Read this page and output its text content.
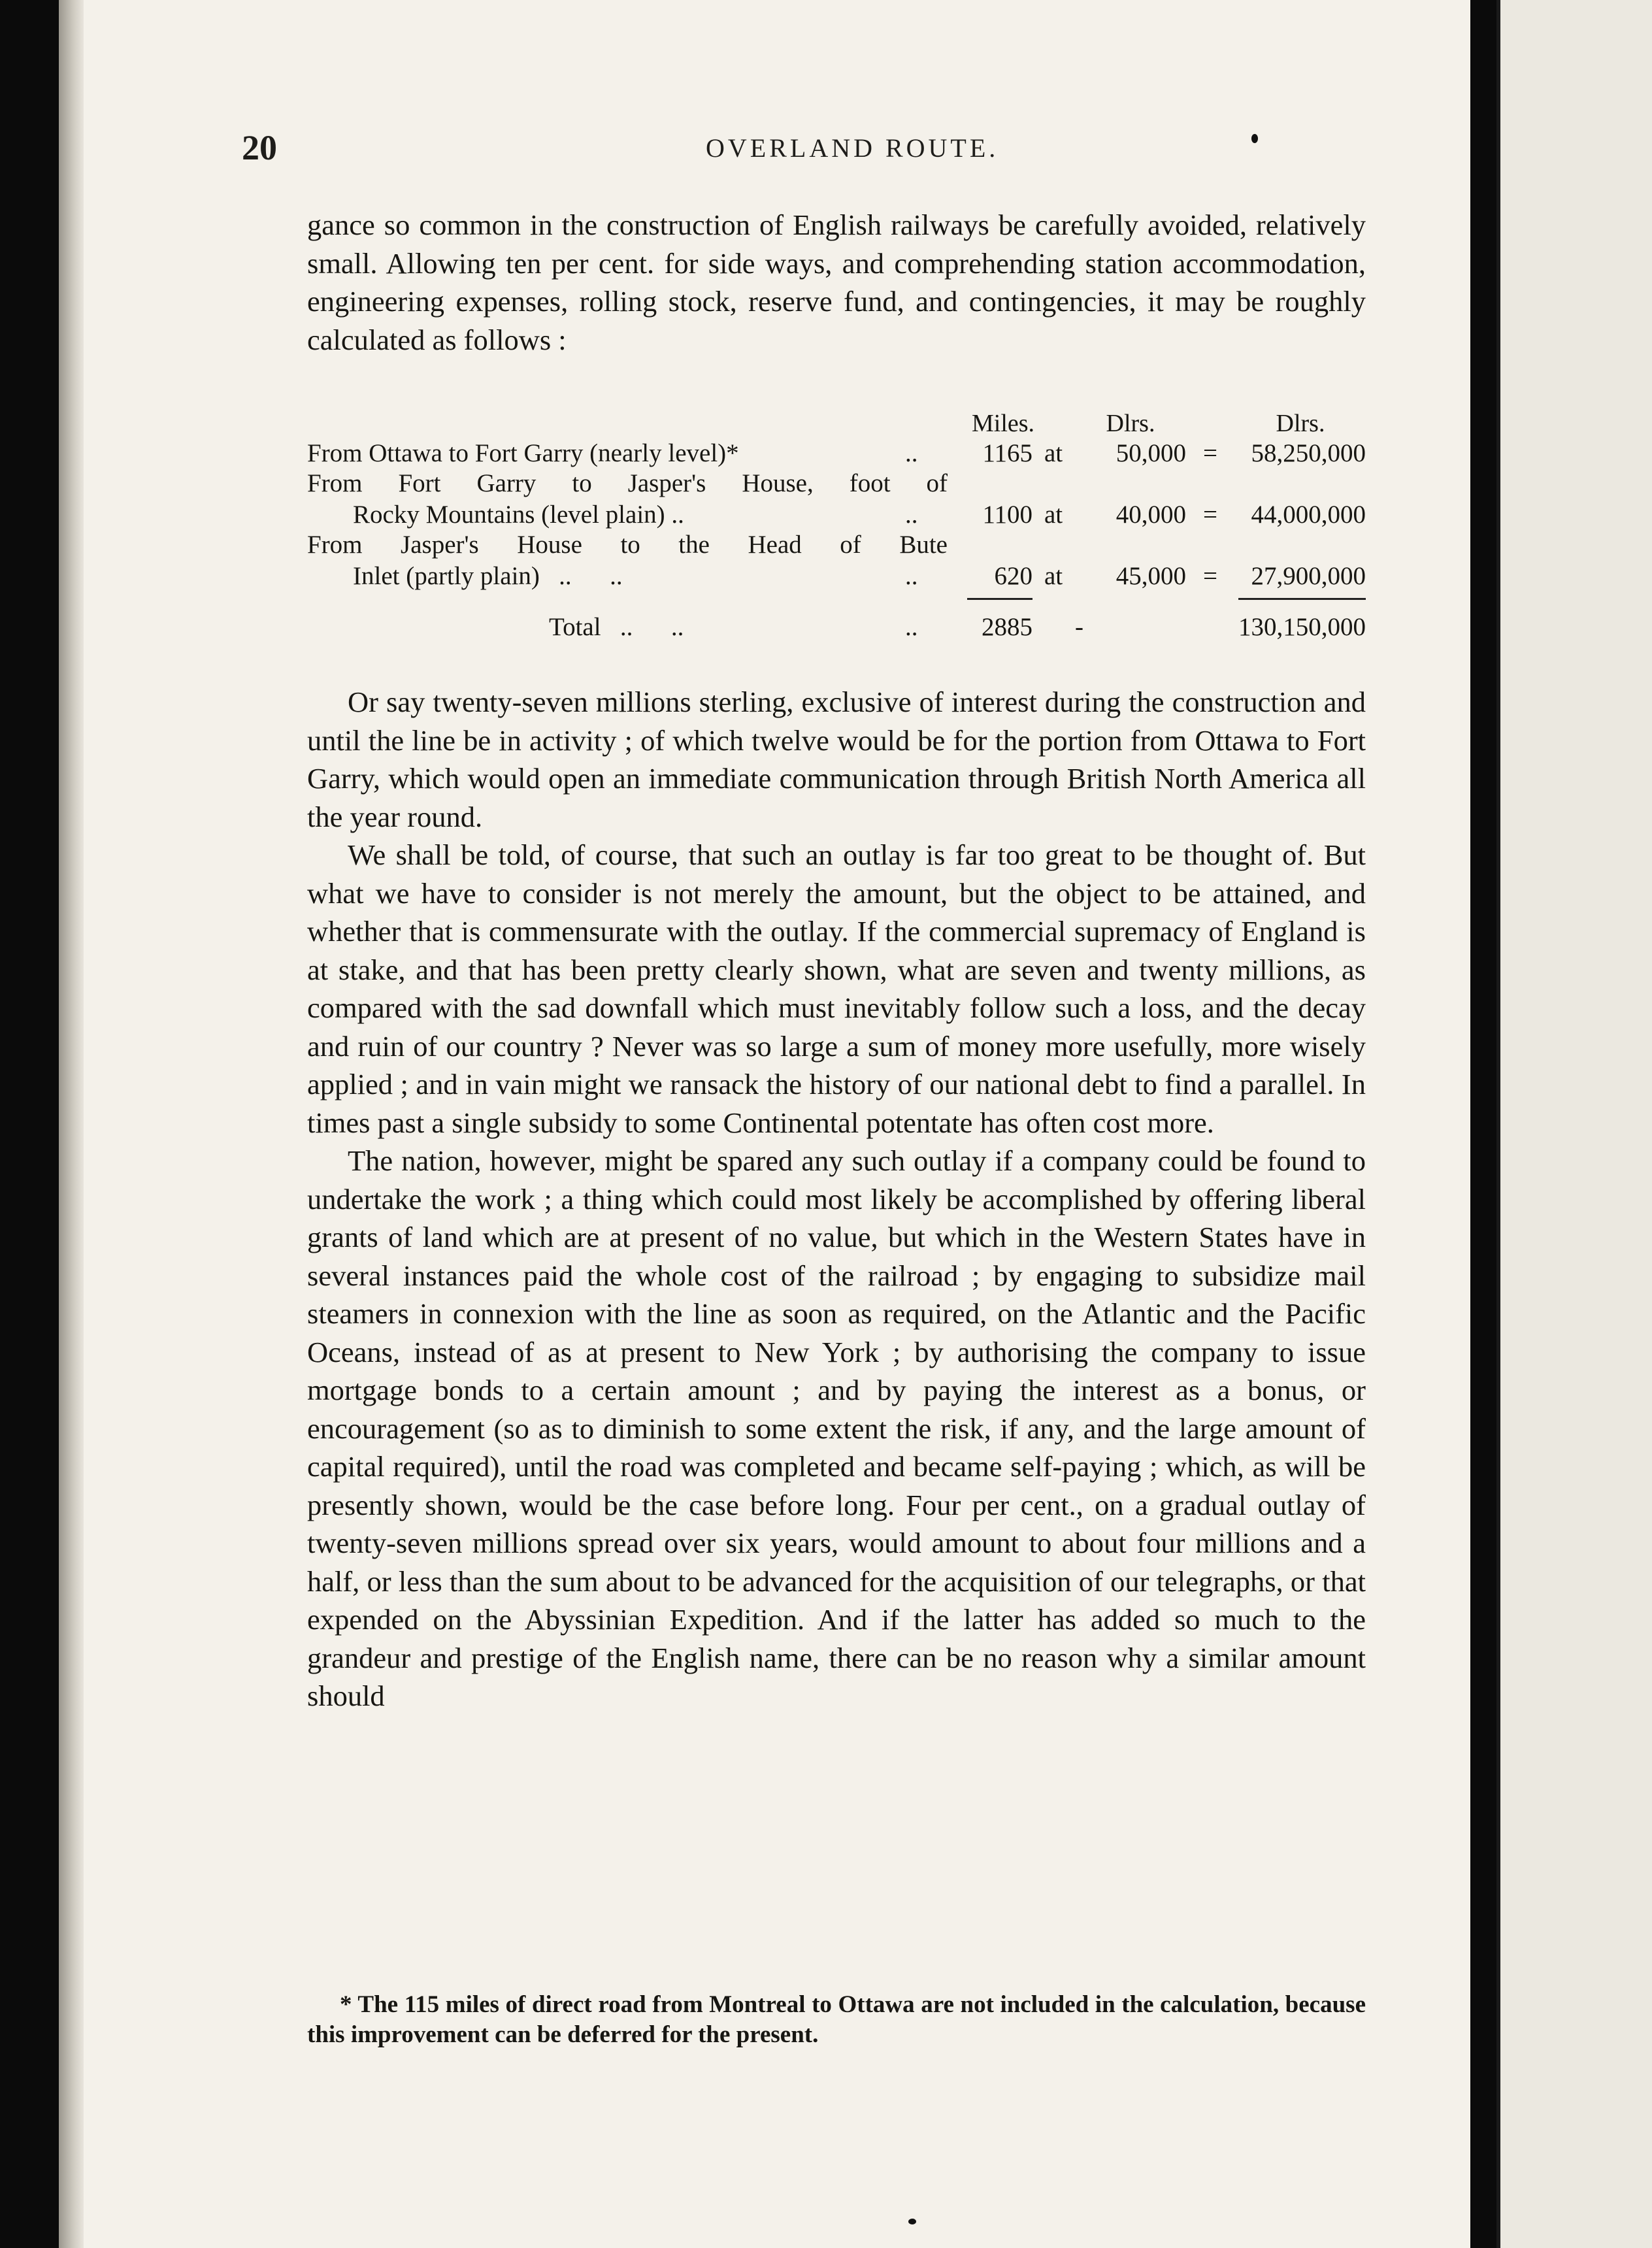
20	OVERLAND ROUTE.

gance so common in the construction of English railways be carefully avoided, relatively small. Allowing ten per cent. for side ways, and comprehending station accommodation, engineering expenses, rolling stock, reserve fund, and contingencies, it may be roughly calculated as follows :

Miles.	Dlrs.	Dlrs.
From Ottawa to Fort Garry (nearly level)*	..	1165 at	50,000 =	58,250,000
From Fort Garry to Jasper's House, foot of
Rocky Mountains (level plain) ..	..	1100 at	40,000 =	44,000,000
From Jasper's House to the Head of Bute
Inlet (partly plain)   ..      ..	..	620 at	45,000 =	27,900,000
Total   ..      ..	..	2885 -	130,150,000

Or say twenty-seven millions sterling, exclusive of interest during the construction and until the line be in activity ; of which twelve would be for the portion from Ottawa to Fort Garry, which would open an immediate communication through British North America all the year round.

We shall be told, of course, that such an outlay is far too great to be thought of. But what we have to consider is not merely the amount, but the object to be attained, and whether that is commensurate with the outlay. If the commercial supremacy of England is at stake, and that has been pretty clearly shown, what are seven and twenty millions, as compared with the sad downfall which must inevitably follow such a loss, and the decay and ruin of our country ? Never was so large a sum of money more usefully, more wisely applied ; and in vain might we ransack the history of our national debt to find a parallel. In times past a single subsidy to some Continental potentate has often cost more.

The nation, however, might be spared any such outlay if a company could be found to undertake the work ; a thing which could most likely be accomplished by offering liberal grants of land which are at present of no value, but which in the Western States have in several instances paid the whole cost of the railroad ; by engaging to subsidize mail steamers in connexion with the line as soon as required, on the Atlantic and the Pacific Oceans, instead of as at present to New York ; by authorising the company to issue mortgage bonds to a certain amount ; and by paying the interest as a bonus, or encouragement (so as to diminish to some extent the risk, if any, and the large amount of capital required), until the road was completed and became self-paying ; which, as will be presently shown, would be the case before long. Four per cent., on a gradual outlay of twenty-seven millions spread over six years, would amount to about four millions and a half, or less than the sum about to be advanced for the acquisition of our telegraphs, or that expended on the Abyssinian Expedition. And if the latter has added so much to the grandeur and prestige of the English name, there can be no reason why a similar amount should

* The 115 miles of direct road from Montreal to Ottawa are not included in the calculation, because this improvement can be deferred for the present.
